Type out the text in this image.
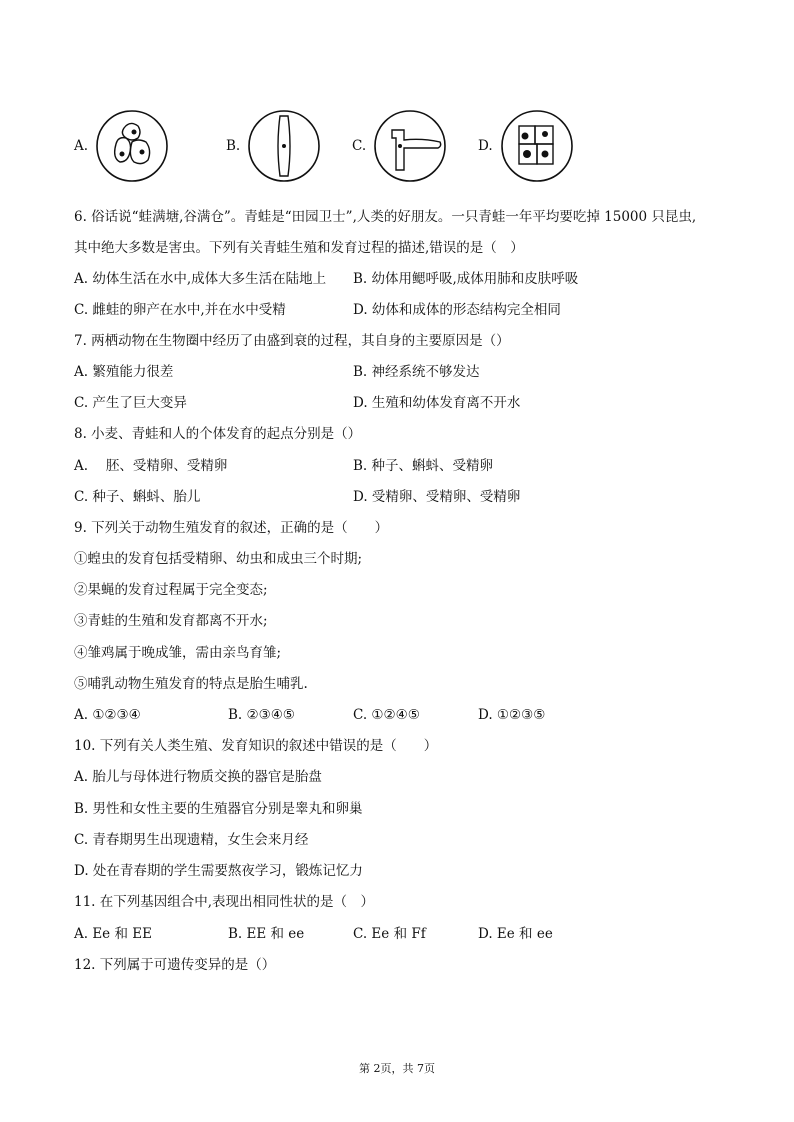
A.	B.	C.	D.
6. 俗话说“蛙满塘,谷满仓”。青蛙是“田园卫士”,人类的好朋友。一只青蛙一年平均要吃掉 15000 只昆虫,
其中绝大多数是害虫。下列有关青蛙生殖和发育过程的描述,错误的是（　）
A. 幼体生活在水中,成体大多生活在陆地上 B. 幼体用鳃呼吸,成体用肺和皮肤呼吸
C. 雌蛙的卵产在水中,并在水中受精	D. 幼体和成体的形态结构完全相同
7. 两栖动物在生物圈中经历了由盛到衰的过程，其自身的主要原因是（）
A. 繁殖能力很差	B. 神经系统不够发达
C. 产生了巨大变异	D. 生殖和幼体发育离不开水
8. 小麦、青蛙和人的个体发育的起点分别是（）
A.　 胚、受精卵、受精卵	B. 种子、蝌蚪、受精卵
C. 种子、蝌蚪、胎儿	D. 受精卵、受精卵、受精卵
9. 下列关于动物生殖发育的叙述，正确的是（　　）
①蝗虫的发育包括受精卵、幼虫和成虫三个时期;
②果蝇的发育过程属于完全变态;
③青蛙的生殖和发育都离不开水;
④雏鸡属于晚成雏，需由亲鸟育雏;
⑤哺乳动物生殖发育的特点是胎生哺乳.
A. ①②③④	B. ②③④⑤	C. ①②④⑤	D. ①②③⑤
10. 下列有关人类生殖、发育知识的叙述中错误的是（　　）
A. 胎儿与母体进行物质交换的器官是胎盘
B. 男性和女性主要的生殖器官分别是睾丸和卵巢
C. 青春期男生出现遗精，女生会来月经
D. 处在青春期的学生需要熬夜学习，锻炼记忆力
11. 在下列基因组合中,表现出相同性状的是（　）
A. Ee 和 EE	B. EE 和 ee	C. Ee 和 Ff	D. Ee 和 ee
12. 下列属于可遗传变异的是（）
第 2页，共 7页
